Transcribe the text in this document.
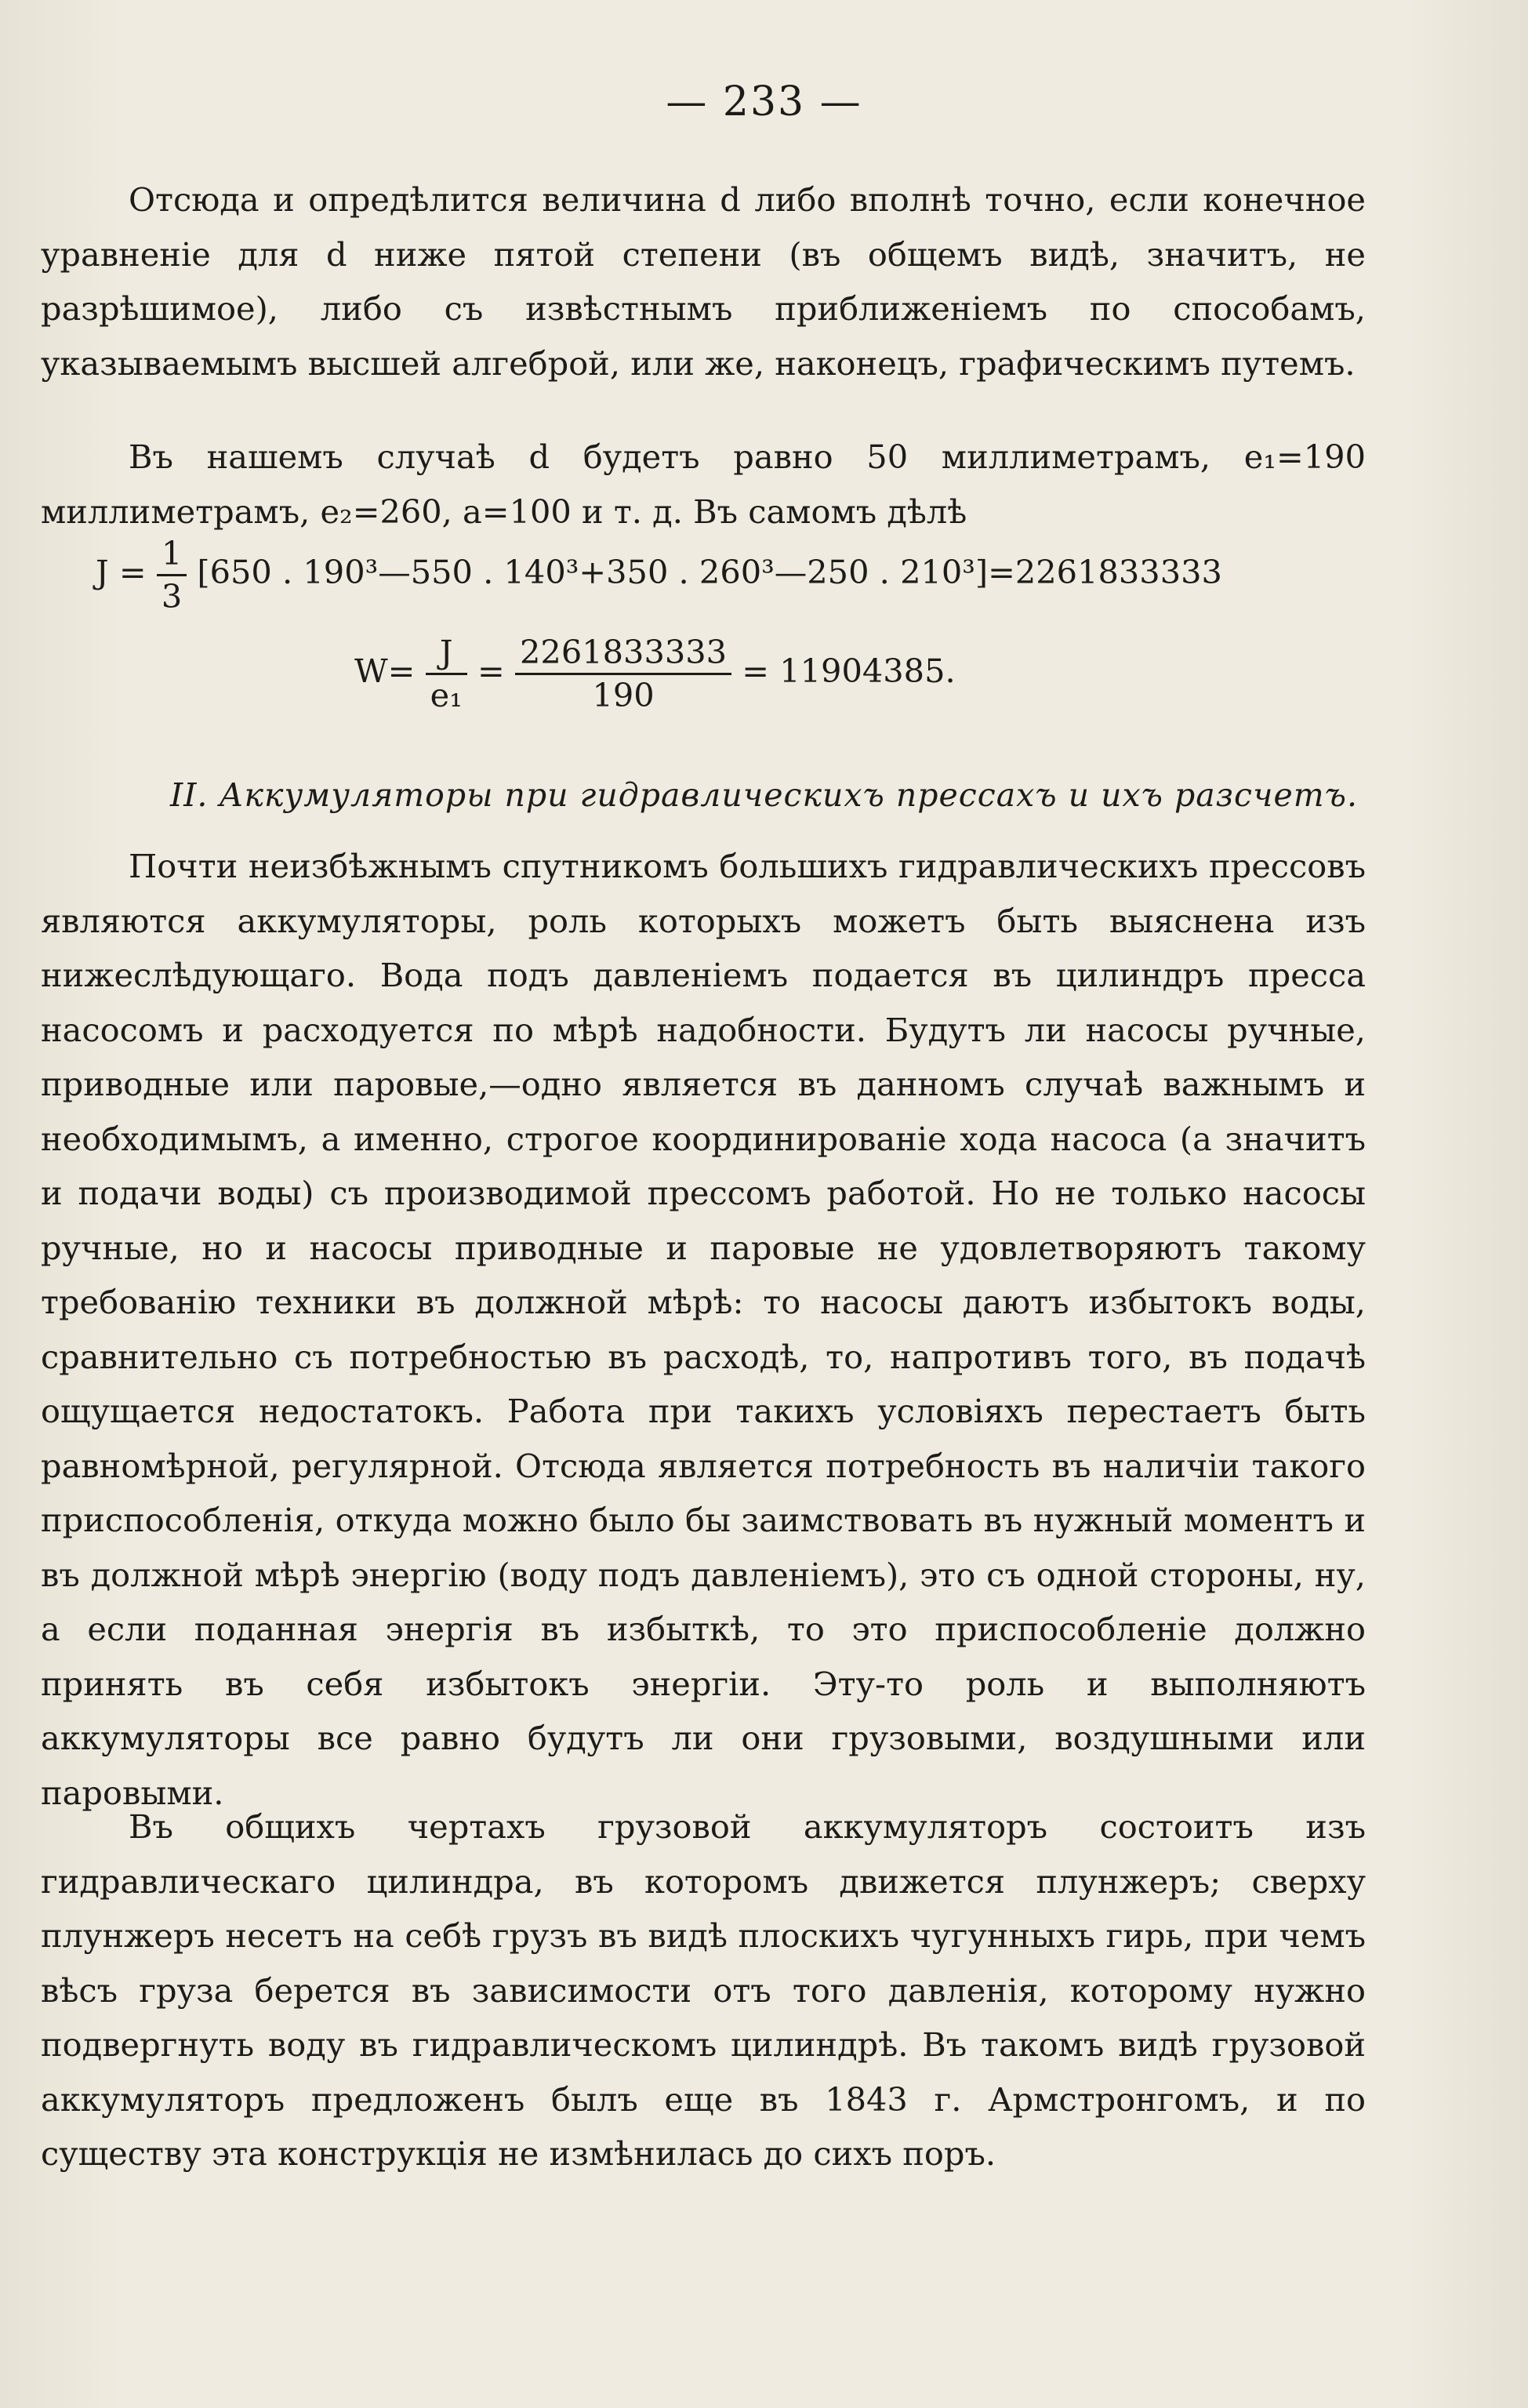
— 233 —

Отсюда и опредѣлится величина d либо вполнѣ точно, если конечное уравненіе для d ниже пятой степени (въ общемъ видѣ, значитъ, не разрѣшимое), либо съ извѣстнымъ приближеніемъ по способамъ, указываемымъ высшей алгеброй, или же, наконецъ, графическимъ путемъ.

Въ нашемъ случаѣ d будетъ равно 50 миллиметрамъ, e₁=190 миллиметрамъ, e₂=260, a=100 и т. д. Въ самомъ дѣлѣ

$J = \frac{1}{3} [650$ . 190³—550 . 140³+350 . 260³—250 . 210³]=2261833333
$W= \frac{J}{\text{e₁}} = \frac{2261833333}{190} = 11904385$.
II. Аккумуляторы при гидравлическихъ прессахъ и ихъ разсчетъ.

Почти неизбѣжнымъ спутникомъ большихъ гидравлическихъ прессовъ являются аккумуляторы, роль которыхъ можетъ быть выяснена изъ нижеслѣдующаго. Вода подъ давленіемъ подается въ цилиндръ пресса насосомъ и расходуется по мѣрѣ надобности. Будутъ ли насосы ручные, приводные или паровые,—одно является въ данномъ случаѣ важнымъ и необходимымъ, а именно, строгое координированіе хода насоса (а значитъ и подачи воды) съ производимой прессомъ работой. Но не только насосы ручные, но и насосы приводные и паровые не удовлетворяютъ такому требованію техники въ должной мѣрѣ: то насосы даютъ избытокъ воды, сравнительно съ потребностью въ расходѣ, то, напротивъ того, въ подачѣ ощущается недостатокъ. Работа при такихъ условіяхъ перестаетъ быть равномѣрной, регулярной. Отсюда является потребность въ наличіи такого приспособленія, откуда можно было бы заимствовать въ нужный моментъ и въ должной мѣрѣ энергію (воду подъ давленіемъ), это съ одной стороны, ну, а если поданная энергія въ избыткѣ, то это приспособленіе должно принять въ себя избытокъ энергіи. Эту-то роль и выполняютъ аккумуляторы все равно будутъ ли они грузовыми, воздушными или паровыми.

Въ общихъ чертахъ грузовой аккумуляторъ состоитъ изъ гидравлическаго цилиндра, въ которомъ движется плунжеръ; сверху плунжеръ несетъ на себѣ грузъ въ видѣ плоскихъ чугунныхъ гирь, при чемъ вѣсъ груза берется въ зависимости отъ того давленія, которому нужно подвергнуть воду въ гидравлическомъ цилиндрѣ. Въ такомъ видѣ грузовой аккумуляторъ предложенъ былъ еще въ 1843 г. Армстронгомъ, и по существу эта конструкція не измѣнилась до сихъ поръ.
